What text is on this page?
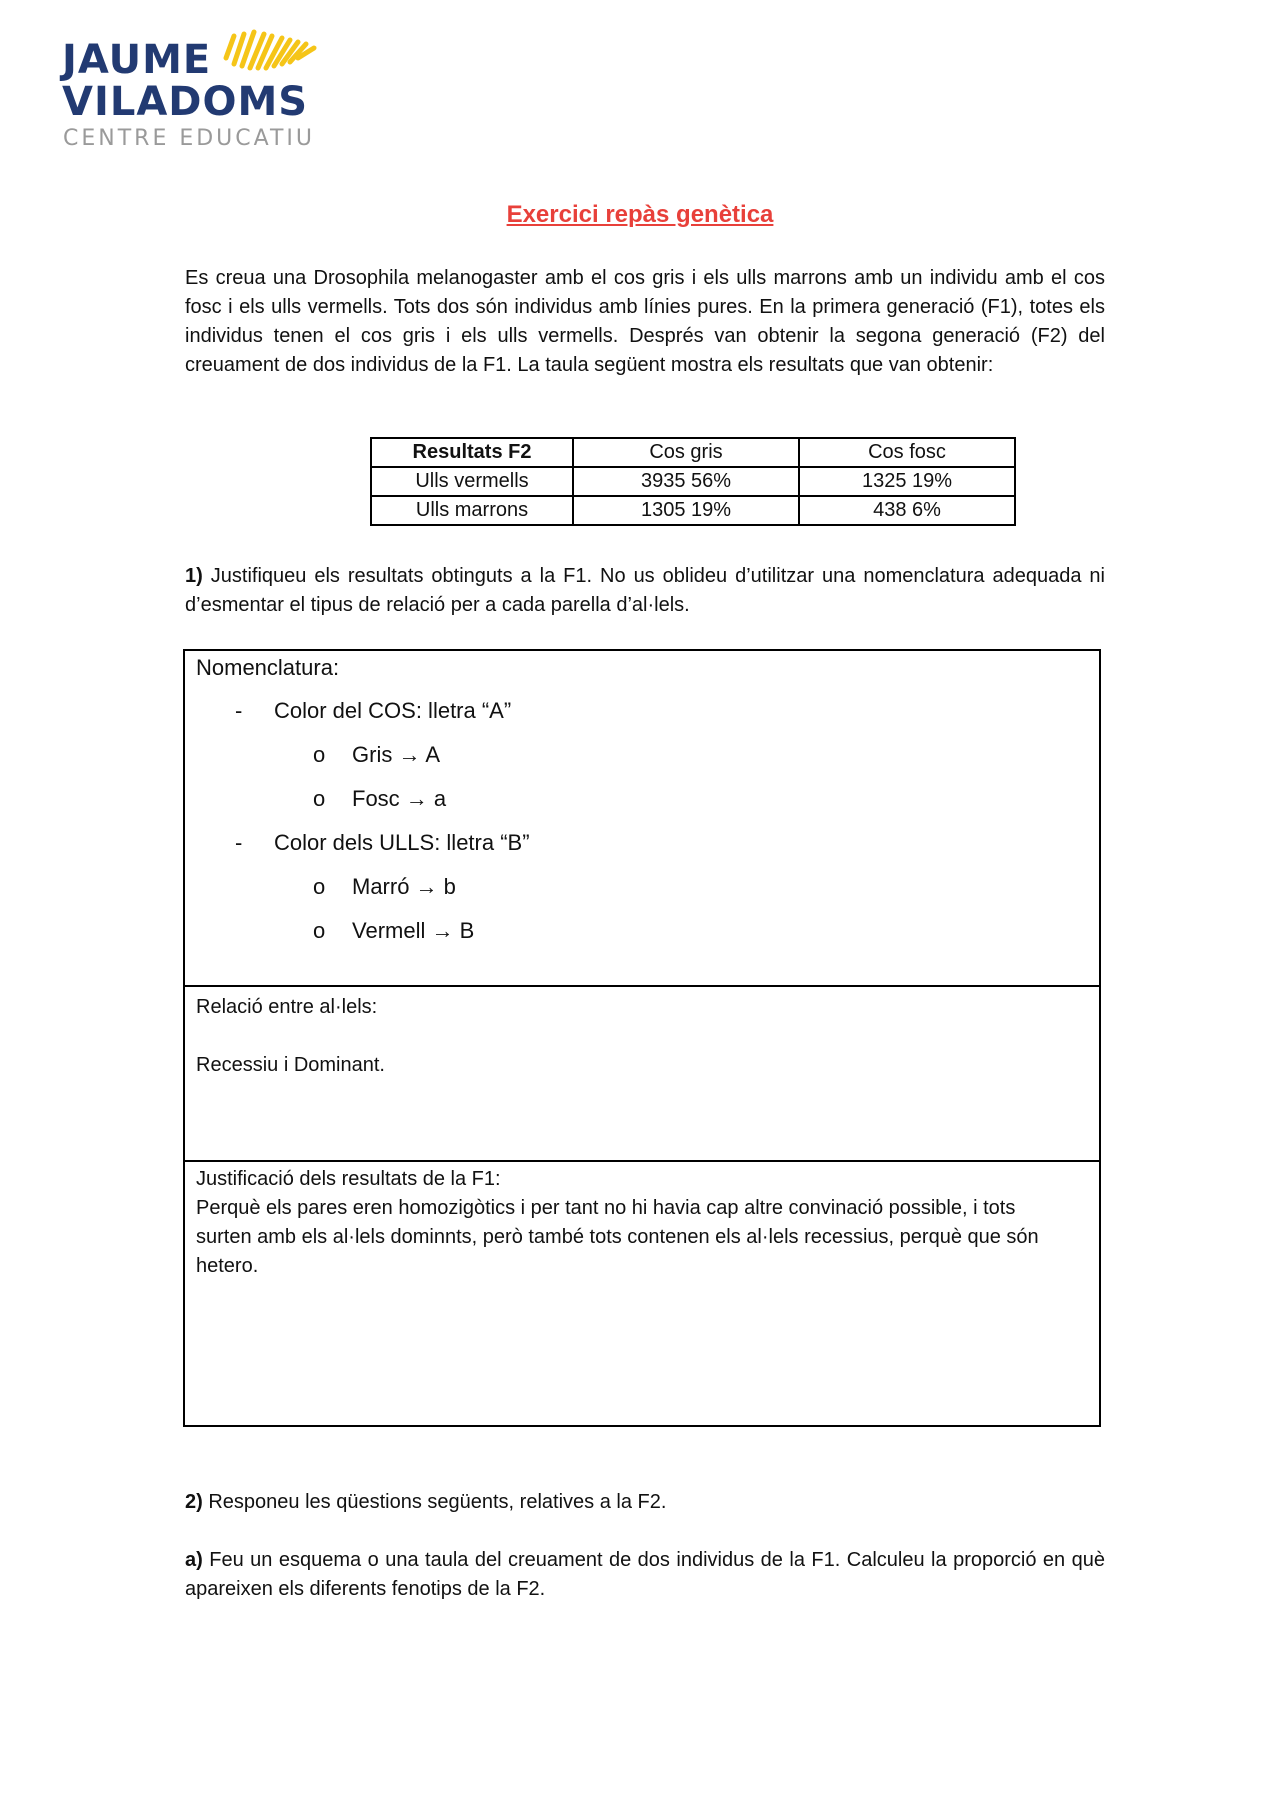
JAUME
VILADOMS
CENTRE EDUCATIU
Exercici repàs genètica
Es creua una Drosophila melanogaster amb el cos gris i els ulls marrons amb un individu amb el cos fosc i els ulls vermells. Tots dos són individus amb línies pures. En la primera generació (F1), totes els individus tenen el cos gris i els ulls vermells. Després van obtenir la segona generació (F2) del creuament de dos individus de la F1. La taula següent mostra els resultats que van obtenir:
Resultats F2	Cos gris	Cos fosc
Ulls vermells	3935 56%	1325 19%
Ulls marrons	1305 19%	438 6%
1) Justifiqueu els resultats obtinguts a la F1. No us oblideu d’utilitzar una nomenclatura adequada ni d’esmentar el tipus de relació per a cada parella d’al·lels.
Nomenclatura:
- Color del COS: lletra “A”
o Gris → A
o Fosc → a
- Color dels ULLS: lletra “B”
o Marró → b
o Vermell → B
Relació entre al·lels:
Recessiu i Dominant.
Justificació dels resultats de la F1:
Perquè els pares eren homozigòtics i per tant no hi havia cap altre convinació possible, i tots surten amb els al·lels dominnts, però també tots contenen els al·lels recessius, perquè que són hetero.
2) Responeu les qüestions següents, relatives a la F2.
a) Feu un esquema o una taula del creuament de dos individus de la F1. Calculeu la proporció en què apareixen els diferents fenotips de la F2.
